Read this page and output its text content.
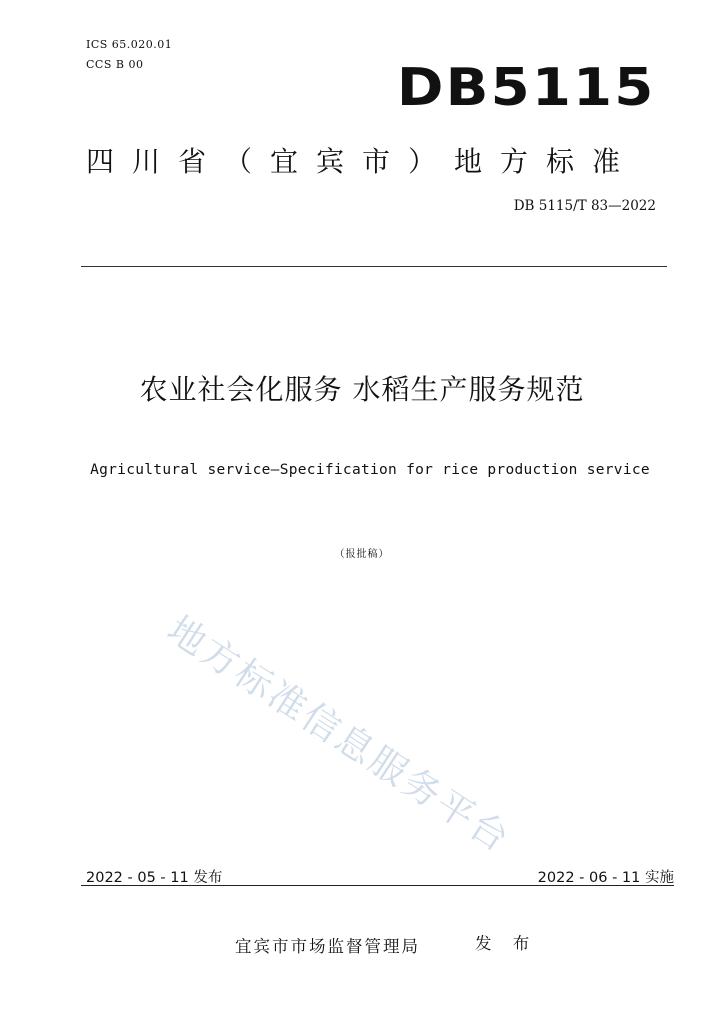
ICS 65.020.01
CCS B 00	DB5115
四川省（宜宾市）地方标准
DB 5115/T 83—2022
农业社会化服务 水稻生产服务规范
Agricultural service—Specification for rice production service
（报批稿）
地方标准信息服务平台
2022 - 05 - 11 发布	2022 - 06 - 11 实施
宜宾市市场监督管理局	发 布
